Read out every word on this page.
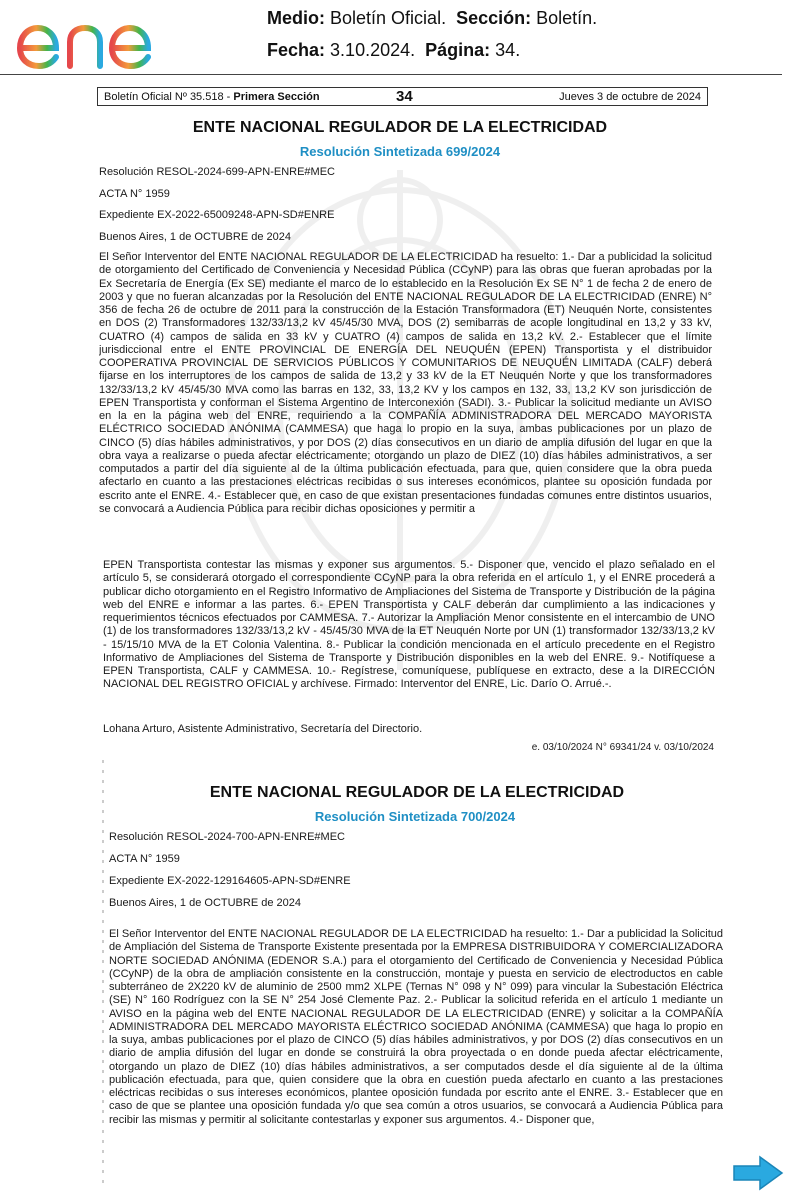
Medio: Boletín Oficial. Sección: Boletín.
Fecha: 3.10.2024. Página: 34.
Boletín Oficial Nº 35.518 - Primera Sección	34	Jueves 3 de octubre de 2024
ENTE NACIONAL REGULADOR DE LA ELECTRICIDAD
Resolución Sintetizada 699/2024
Resolución RESOL-2024-699-APN-ENRE#MEC
ACTA N° 1959
Expediente EX-2022-65009248-APN-SD#ENRE
Buenos Aires, 1 de OCTUBRE de 2024

El Señor Interventor del ENTE NACIONAL REGULADOR DE LA ELECTRICIDAD ha resuelto: 1.- Dar a publicidad la solicitud de otorgamiento del Certificado de Conveniencia y Necesidad Pública (CCyNP) para las obras que fueran aprobadas por la Ex Secretaría de Energía (Ex SE) mediante el marco de lo establecido en la Resolución Ex SE N° 1 de fecha 2 de enero de 2003 y que no fueran alcanzadas por la Resolución del ENTE NACIONAL REGULADOR DE LA ELECTRICIDAD (ENRE) N° 356 de fecha 26 de octubre de 2011 para la construcción de la Estación Transformadora (ET) Neuquén Norte, consistentes en DOS (2) Transformadores 132/33/13,2 kV 45/45/30 MVA, DOS (2) semibarras de acople longitudinal en 13,2 y 33 kV, CUATRO (4) campos de salida en 33 kV y CUATRO (4) campos de salida en 13,2 kV. 2.- Establecer que el límite jurisdiccional entre el ENTE PROVINCIAL DE ENERGÍA DEL NEUQUÉN (EPEN) Transportista y el distribuidor COOPERATIVA PROVINCIAL DE SERVICIOS PÚBLICOS Y COMUNITARIOS DE NEUQUÉN LIMITADA (CALF) deberá fijarse en los interruptores de los campos de salida de 13,2 y 33 kV de la ET Neuquén Norte y que los transformadores 132/33/13,2 kV 45/45/30 MVA como las barras en 132, 33, 13,2 KV y los campos en 132, 33, 13,2 KV son jurisdicción de EPEN Transportista y conforman el Sistema Argentino de Interconexión (SADI). 3.- Publicar la solicitud mediante un AVISO en la en la página web del ENRE, requiriendo a la COMPAÑÍA ADMINISTRADORA DEL MERCADO MAYORISTA ELÉCTRICO SOCIEDAD ANÓNIMA (CAMMESA) que haga lo propio en la suya, ambas publicaciones por un plazo de CINCO (5) días hábiles administrativos, y por DOS (2) días consecutivos en un diario de amplia difusión del lugar en que la obra vaya a realizarse o pueda afectar eléctricamente; otorgando un plazo de DIEZ (10) días hábiles administrativos, a ser computados a partir del día siguiente al de la última publicación efectuada, para que, quien considere que la obra pueda afectarlo en cuanto a las prestaciones eléctricas recibidas o sus intereses económicos, plantee su oposición fundada por escrito ante el ENRE. 4.- Establecer que, en caso de que existan presentaciones fundadas comunes entre distintos usuarios, se convocará a Audiencia Pública para recibir dichas oposiciones y permitir a

EPEN Transportista contestar las mismas y exponer sus argumentos. 5.- Disponer que, vencido el plazo señalado en el artículo 5, se considerará otorgado el correspondiente CCyNP para la obra referida en el artículo 1, y el ENRE procederá a publicar dicho otorgamiento en el Registro Informativo de Ampliaciones del Sistema de Transporte y Distribución de la página web del ENRE e informar a las partes. 6.- EPEN Transportista y CALF deberán dar cumplimiento a las indicaciones y requerimientos técnicos efectuados por CAMMESA. 7.- Autorizar la Ampliación Menor consistente en el intercambio de UNO (1) de los transformadores 132/33/13,2 kV - 45/45/30 MVA de la ET Neuquén Norte por UN (1) transformador 132/33/13,2 kV - 15/15/10 MVA de la ET Colonia Valentina. 8.- Publicar la condición mencionada en el artículo precedente en el Registro Informativo de Ampliaciones del Sistema de Transporte y Distribución disponibles en la web del ENRE. 9.- Notifíquese a EPEN Transportista, CALF y CAMMESA. 10.- Regístrese, comuníquese, publíquese en extracto, dese a la DIRECCIÓN NACIONAL DEL REGISTRO OFICIAL y archívese. Firmado: Interventor del ENRE, Lic. Darío O. Arrué.-.

Lohana Arturo, Asistente Administrativo, Secretaría del Directorio.
e. 03/10/2024 N° 69341/24 v. 03/10/2024
ENTE NACIONAL REGULADOR DE LA ELECTRICIDAD
Resolución Sintetizada 700/2024
Resolución RESOL-2024-700-APN-ENRE#MEC
ACTA N° 1959
Expediente EX-2022-129164605-APN-SD#ENRE
Buenos Aires, 1 de OCTUBRE de 2024

El Señor Interventor del ENTE NACIONAL REGULADOR DE LA ELECTRICIDAD ha resuelto: 1.- Dar a publicidad la Solicitud de Ampliación del Sistema de Transporte Existente presentada por la EMPRESA DISTRIBUIDORA Y COMERCIALIZADORA NORTE SOCIEDAD ANÓNIMA (EDENOR S.A.) para el otorgamiento del Certificado de Conveniencia y Necesidad Pública (CCyNP) de la obra de ampliación consistente en la construcción, montaje y puesta en servicio de electroductos en cable subterráneo de 2X220 kV de aluminio de 2500 mm2 XLPE (Ternas N° 098 y N° 099) para vincular la Subestación Eléctrica (SE) N° 160 Rodríguez con la SE N° 254 José Clemente Paz. 2.- Publicar la solicitud referida en el artículo 1 mediante un AVISO en la página web del ENTE NACIONAL REGULADOR DE LA ELECTRICIDAD (ENRE) y solicitar a la COMPAÑÍA ADMINISTRADORA DEL MERCADO MAYORISTA ELÉCTRICO SOCIEDAD ANÓNIMA (CAMMESA) que haga lo propio en la suya, ambas publicaciones por el plazo de CINCO (5) días hábiles administrativos, y por DOS (2) días consecutivos en un diario de amplia difusión del lugar en donde se construirá la obra proyectada o en donde pueda afectar eléctricamente, otorgando un plazo de DIEZ (10) días hábiles administrativos, a ser computados desde el día siguiente al de la última publicación efectuada, para que, quien considere que la obra en cuestión pueda afectarlo en cuanto a las prestaciones eléctricas recibidas o sus intereses económicos, plantee oposición fundada por escrito ante el ENRE. 3.- Establecer que en caso de que se plantee una oposición fundada y/o que sea común a otros usuarios, se convocará a Audiencia Pública para recibir las mismas y permitir al solicitante contestarlas y exponer sus argumentos. 4.- Disponer que,
